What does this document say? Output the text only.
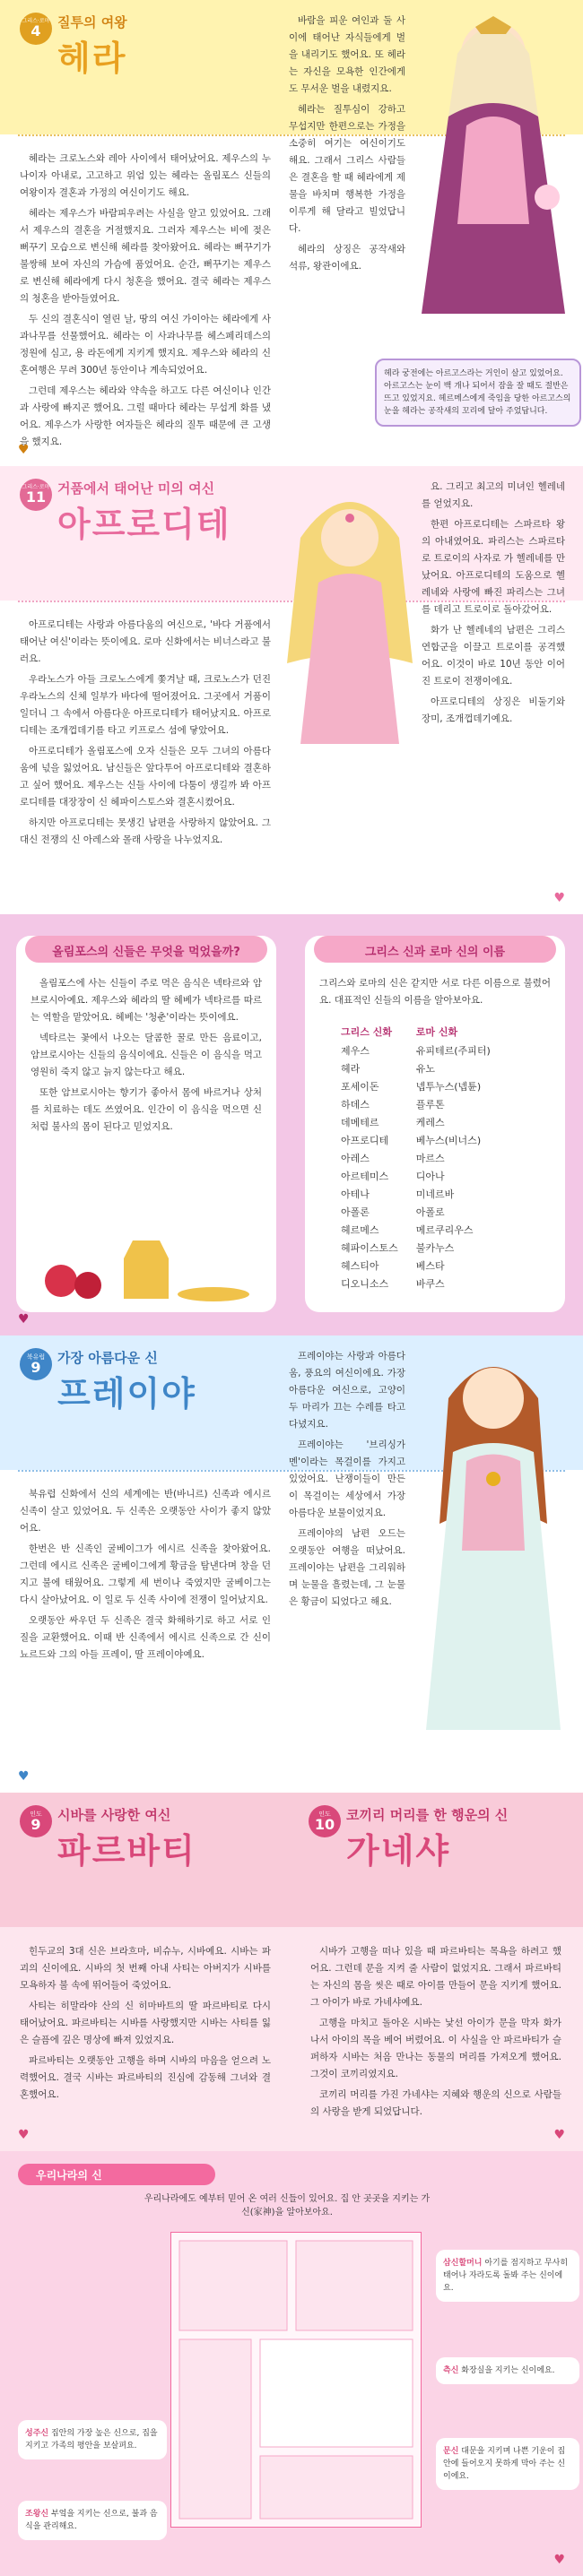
그리스·로마
4 질투의 여왕
헤라

헤라는 크로노스와 레아 사이에서 태어났어요. 제우스의 누나이자 아내로, 고고하고 위엄 있는 헤라는 올림포스 신들의 여왕이자 결혼과 가정의 여신이기도 해요.

헤라는 제우스가 바람피우려는 사실을 알고 있었어요. 그래서 제우스의 결혼을 거절했지요. 그러자 제우스는 비에 젖은 뻐꾸기 모습으로 변신해 헤라를 찾아왔어요. 헤라는 뻐꾸기가 불쌍해 보여 자신의 가슴에 품었어요. 순간, 뻐꾸기는 제우스로 변신해 헤라에게 다시 청혼을 했어요. 결국 헤라는 제우스의 청혼을 받아들였어요.

두 신의 결혼식이 열린 날, 땅의 여신 가이아는 헤라에게 사과나무를 선물했어요. 헤라는 이 사과나무를 헤스페리데스의 정원에 심고, 용 라돈에게 지키게 했지요. 제우스와 헤라의 신혼여행은 무려 300년 동안이나 계속되었어요.

그런데 제우스는 헤라와 약속을 하고도 다른 여신이나 인간과 사랑에 빠지곤 했어요. 그럴 때마다 헤라는 무섭게 화를 냈어요. 제우스가 사랑한 여자들은 헤라의 질투 때문에 큰 고생을 했지요.

바람을 피운 여인과 둘 사이에 태어난 자식들에게 벌을 내리기도 했어요. 또 헤라는 자신을 모욕한 인간에게도 무서운 벌을 내렸지요.

헤라는 질투심이 강하고 무섭지만 한편으로는 가정을 소중히 여기는 여신이기도 해요. 그래서 그리스 사람들은 결혼을 할 때 헤라에게 제물을 바치며 행복한 가정을 이루게 해 달라고 빌었답니다.

헤라의 상징은 공작새와 석류, 왕관이에요.

헤라 궁전에는 아르고스라는 거인이 살고 있었어요. 아르고스는 눈이 백 개나 되어서 잠을 잘 때도 절반은 뜨고 있었지요. 헤르메스에게 죽임을 당한 아르고스의 눈을 헤라는 공작새의 꼬리에 달아 주었답니다.
♥
그리스·로마
11 거품에서 태어난 미의 여신
아프로디테

아프로디테는 사랑과 아름다움의 여신으로, '바다 거품에서 태어난 여신'이라는 뜻이에요. 로마 신화에서는 비너스라고 불러요.

우라노스가 아들 크로노스에게 쫓겨날 때, 크로노스가 던진 우라노스의 신체 일부가 바다에 떨어졌어요. 그곳에서 거품이 일더니 그 속에서 아름다운 아프로디테가 태어났지요. 아프로디테는 조개껍데기를 타고 키프로스 섬에 닿았어요.

아프로디테가 올림포스에 오자 신들은 모두 그녀의 아름다움에 넋을 잃었어요. 남신들은 앞다투어 아프로디테와 결혼하고 싶어 했어요. 제우스는 신들 사이에 다툼이 생길까 봐 아프로디테를 대장장이 신 헤파이스토스와 결혼시켰어요.

하지만 아프로디테는 못생긴 남편을 사랑하지 않았어요. 그 대신 전쟁의 신 아레스와 몰래 사랑을 나누었지요.

요. 그리고 최고의 미녀인 헬레네를 얻었지요.

한편 아프로디테는 스파르타 왕의 아내였어요. 파리스는 스파르타로 트로이의 사자로 가 헬레네를 만났어요. 아프로디테의 도움으로 헬레네와 사랑에 빠진 파리스는 그녀를 데리고 트로이로 돌아갔어요.

화가 난 헬레네의 남편은 그리스 연합군을 이끌고 트로이를 공격했어요. 이것이 바로 10년 동안 이어진 트로이 전쟁이에요.

아프로디테의 상징은 비둘기와 장미, 조개껍데기예요.

♥
올림포스의 신들은 무엇을 먹었을까?

올림포스에 사는 신들이 주로 먹은 음식은 넥타르와 암브로시아예요. 제우스와 헤라의 딸 헤베가 넥타르를 따르는 역할을 맡았어요. 헤베는 '청춘'이라는 뜻이에요.

넥타르는 꽃에서 나오는 달콤한 꿀로 만든 음료이고, 암브로시아는 신들의 음식이에요. 신들은 이 음식을 먹고 영원히 죽지 않고 늙지 않는다고 해요.

또한 암브로시아는 향기가 좋아서 몸에 바르거나 상처를 치료하는 데도 쓰였어요. 인간이 이 음식을 먹으면 신처럼 불사의 몸이 된다고 믿었지요.

그리스 신과 로마 신의 이름
그리스와 로마의 신은 같지만 서로 다른 이름으로 불렸어요. 대표적인 신들의 이름을 알아보아요.
그리스 신화	로마 신화
제우스	유피테르(주피터)
헤라	유노
포세이돈	넵투누스(넵튠)
하데스	플루톤
데메테르	케레스
아프로디테	베누스(비너스)
아레스	마르스
아르테미스	디아나
아테나	미네르바
아폴론	아폴로
헤르메스	메르쿠리우스
헤파이스토스	불카누스
헤스티아	베스타
디오니소스	바쿠스
♥
북유럽
9
가장 아름다운 신
프레이야

북유럽 신화에서 신의 세계에는 반(바니르) 신족과 에시르 신족이 살고 있었어요. 두 신족은 오랫동안 사이가 좋지 않았어요.

한번은 반 신족인 굴베이그가 에시르 신족을 찾아왔어요. 그런데 에시르 신족은 굴베이그에게 황금을 탐낸다며 창을 던지고 불에 태웠어요. 그렇게 세 번이나 죽였지만 굴베이그는 다시 살아났어요. 이 일로 두 신족 사이에 전쟁이 일어났지요.

오랫동안 싸우던 두 신족은 결국 화해하기로 하고 서로 인질을 교환했어요. 이때 반 신족에서 에시르 신족으로 간 신이 뇨르드와 그의 아들 프레이, 딸 프레이야예요.

프레이야는 사랑과 아름다움, 풍요의 여신이에요. 가장 아름다운 여신으로, 고양이 두 마리가 끄는 수레를 타고 다녔지요.

프레이야는 '브리싱가멘'이라는 목걸이를 가지고 있었어요. 난쟁이들이 만든 이 목걸이는 세상에서 가장 아름다운 보물이었지요.

프레이야의 남편 오드는 오랫동안 여행을 떠났어요. 프레이야는 남편을 그리워하며 눈물을 흘렸는데, 그 눈물은 황금이 되었다고 해요.

♥
인도
9
시바를 사랑한 여신
파르바티
인도
10
코끼리 머리를 한 행운의 신
가네샤

힌두교의 3대 신은 브라흐마, 비슈누, 시바예요. 시바는 파괴의 신이에요. 시바의 첫 번째 아내 사티는 아버지가 시바를 모욕하자 불 속에 뛰어들어 죽었어요.

사티는 히말라야 산의 신 히마바트의 딸 파르바티로 다시 태어났어요. 파르바티는 시바를 사랑했지만 시바는 사티를 잃은 슬픔에 깊은 명상에 빠져 있었지요.

파르바티는 오랫동안 고행을 하며 시바의 마음을 얻으려 노력했어요. 결국 시바는 파르바티의 진심에 감동해 그녀와 결혼했어요.

시바가 고행을 떠나 있을 때 파르바티는 목욕을 하려고 했어요. 그런데 문을 지켜 줄 사람이 없었지요. 그래서 파르바티는 자신의 몸을 씻은 때로 아이를 만들어 문을 지키게 했어요. 그 아이가 바로 가네샤예요.

고행을 마치고 돌아온 시바는 낯선 아이가 문을 막자 화가 나서 아이의 목을 베어 버렸어요. 이 사실을 안 파르바티가 슬퍼하자 시바는 처음 만나는 동물의 머리를 가져오게 했어요. 그것이 코끼리였지요.

코끼리 머리를 가진 가네샤는 지혜와 행운의 신으로 사람들의 사랑을 받게 되었답니다.

♥	♥
우리나라의 신
우리나라에도 예부터 믿어 온 여러 신들이 있어요. 집 안 곳곳을 지키는 가신(家神)을 알아보아요.
성주신 집안의 가장 높은 신으로, 집을 지키고 가족의 평안을 보살펴요.
조왕신 부엌을 지키는 신으로, 불과 음식을 관리해요.
삼신할머니 아기를 점지하고 무사히 태어나 자라도록 돌봐 주는 신이에요.
측신 화장실을 지키는 신이에요.
문신 대문을 지키며 나쁜 기운이 집 안에 들어오지 못하게 막아 주는 신이에요.
♥
